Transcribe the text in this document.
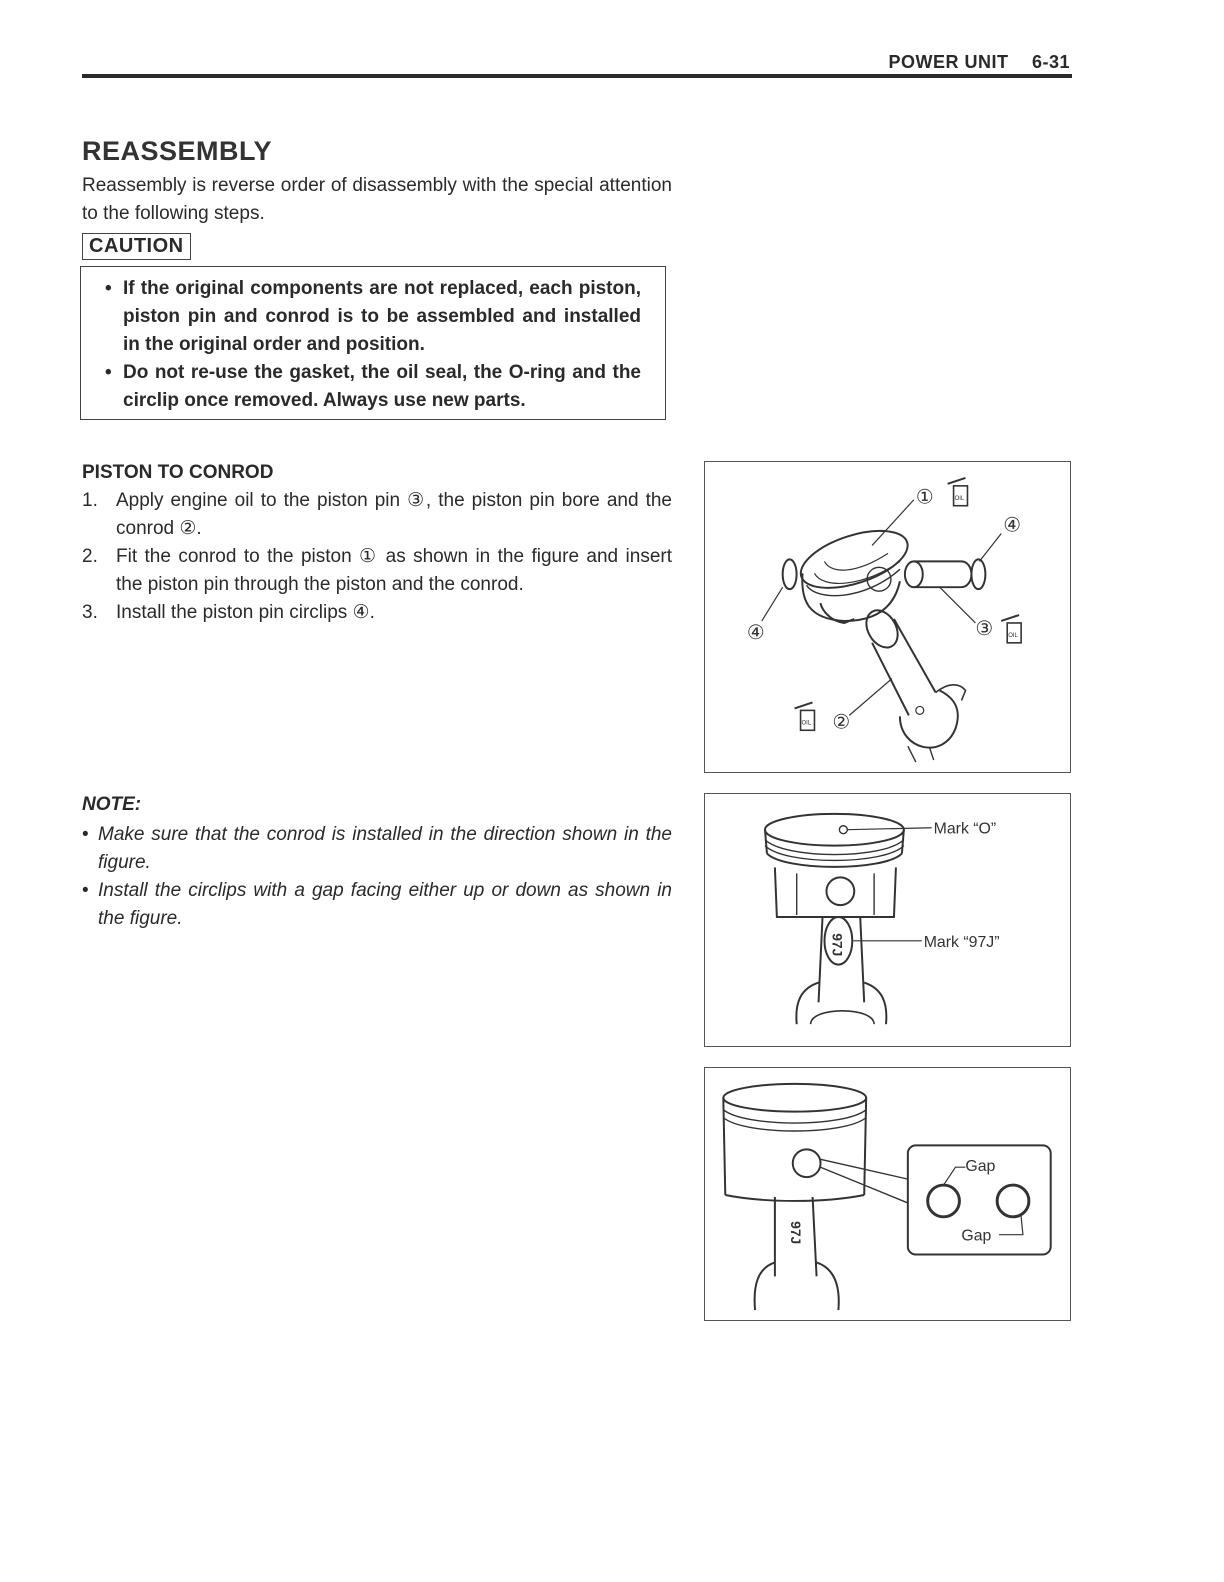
POWER UNIT 6-31
REASSEMBLY

Reassembly is reverse order of disassembly with the special attention to the following steps.

CAUTION
• If the original components are not replaced, each piston, piston pin and conrod is to be assembled and installed in the original order and position.
• Do not re-use the gasket, the oil seal, the O-ring and the circlip once removed. Always use new parts.
PISTON TO CONROD
1. Apply engine oil to the piston pin ③, the piston pin bore and the conrod ②.
2. Fit the conrod to the piston ① as shown in the figure and insert the piston pin through the piston and the conrod.
3. Install the piston pin circlips ④.
NOTE:
• Make sure that the conrod is installed in the direction shown in the figure.
• Install the circlips with a gap facing either up or down as shown in the figure.
①
④
④	③
②
OIL
OIL
OIL
97J
Mark “O”
Mark “97J”
97J
Gap
Gap
